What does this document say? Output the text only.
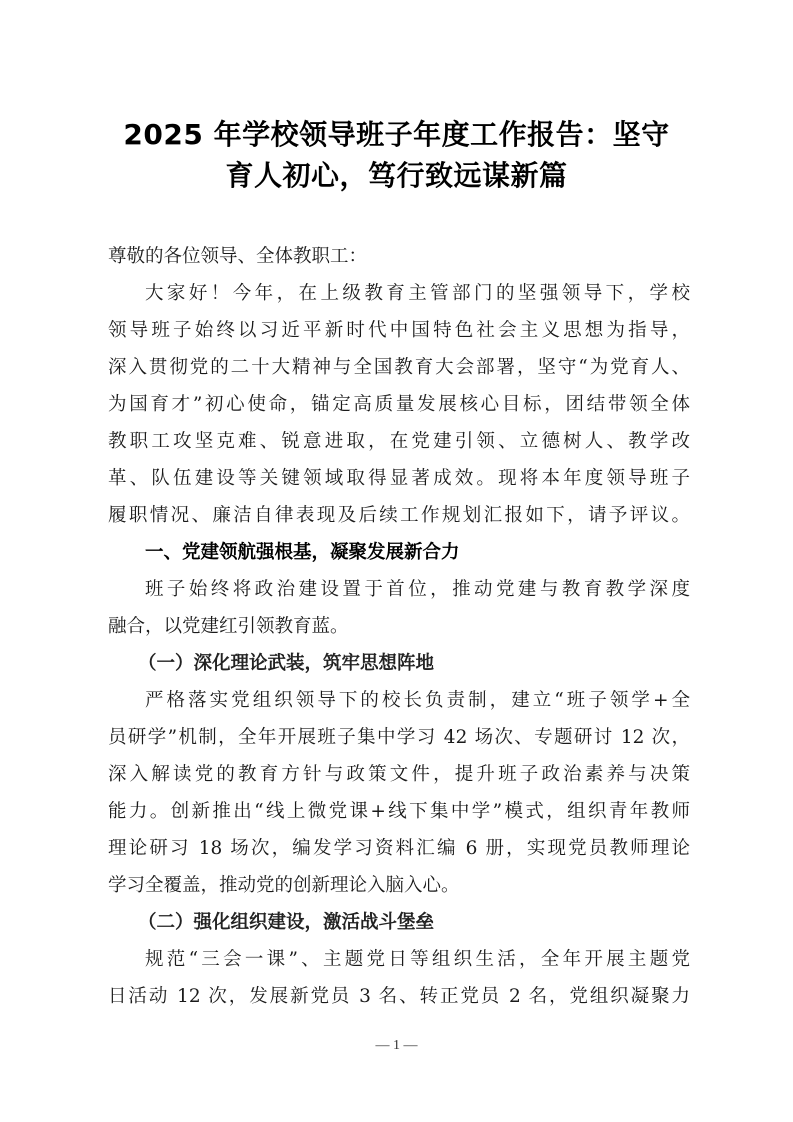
2025 年学校领导班子年度工作报告：坚守
育人初心，笃行致远谋新篇
尊敬的各位领导、全体教职工：
大家好！今年，在上级教育主管部门的坚强领导下，学校
领导班子始终以习近平新时代中国特色社会主义思想为指导，
深入贯彻党的二十大精神与全国教育大会部署，坚守“为党育人、
为国育才”初心使命，锚定高质量发展核心目标，团结带领全体
教职工攻坚克难、锐意进取，在党建引领、立德树人、教学改
革、队伍建设等关键领域取得显著成效。现将本年度领导班子
履职情况、廉洁自律表现及后续工作规划汇报如下，请予评议。
一、党建领航强根基，凝聚发展新合力
班子始终将政治建设置于首位，推动党建与教育教学深度
融合，以党建红引领教育蓝。
（一）深化理论武装，筑牢思想阵地
严格落实党组织领导下的校长负责制，建立“班子领学+全
员研学”机制，全年开展班子集中学习 42 场次、专题研讨 12 次，
深入解读党的教育方针与政策文件，提升班子政治素养与决策
能力。创新推出“线上微党课+线下集中学”模式，组织青年教师
理论研习 18 场次，编发学习资料汇编 6 册，实现党员教师理论
学习全覆盖，推动党的创新理论入脑入心。
（二）强化组织建设，激活战斗堡垒
规范“三会一课”、主题党日等组织生活，全年开展主题党
日活动 12 次，发展新党员 3 名、转正党员 2 名，党组织凝聚力
— 1 —
